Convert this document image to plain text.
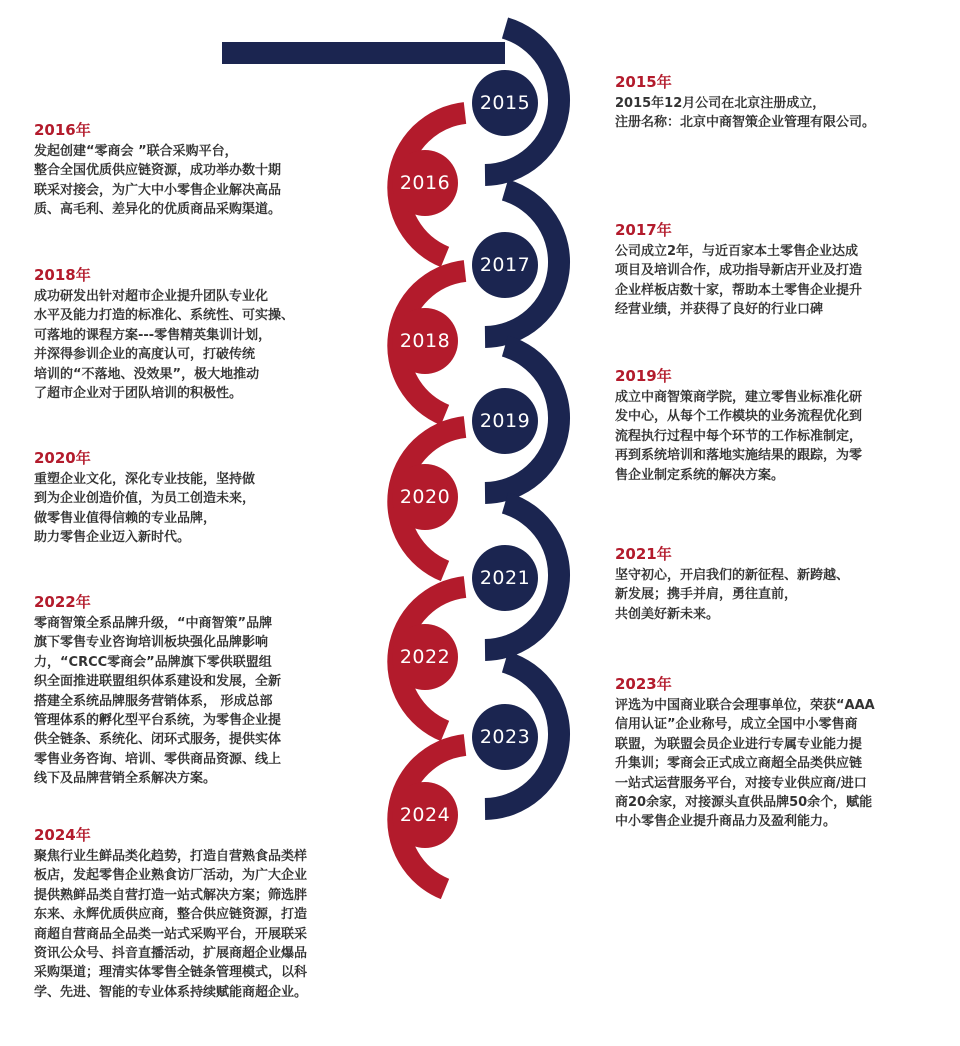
2015
2016
2017
2018
2019
2020
2021
2022
2023
2024
2015年
2015年12月公司在北京注册成立，
注册名称：北京中商智策企业管理有限公司。
2016年
发起创建“零商会 ”联合采购平台，
整合全国优质供应链资源，成功举办数十期
联采对接会，为广大中小零售企业解决高品
质、高毛利、差异化的优质商品采购渠道。
2017年
公司成立2年，与近百家本土零售企业达成
项目及培训合作，成功指导新店开业及打造
企业样板店数十家，帮助本土零售企业提升
经营业绩，并获得了良好的行业口碑
2018年
成功研发出针对超市企业提升团队专业化
水平及能力打造的标准化、系统性、可实操、
可落地的课程方案---零售精英集训计划，
并深得参训企业的高度认可，打破传统
培训的“不落地、没效果”，极大地推动
了超市企业对于团队培训的积极性。
2019年
成立中商智策商学院，建立零售业标准化研
发中心，从每个工作模块的业务流程优化到
流程执行过程中每个环节的工作标准制定，
再到系统培训和落地实施结果的跟踪，为零
售企业制定系统的解决方案。
2020年
重塑企业文化，深化专业技能，坚持做
到为企业创造价值，为员工创造未来，
做零售业值得信赖的专业品牌，
助力零售企业迈入新时代。
2021年
坚守初心，开启我们的新征程、新跨越、
新发展；携手并肩，勇往直前，
共创美好新未来。
2022年
零商智策全系品牌升级，“中商智策”品牌
旗下零售专业咨询培训板块强化品牌影响
力，“CRCC零商会”品牌旗下零供联盟组
织全面推进联盟组织体系建设和发展，全新
搭建全系统品牌服务营销体系， 形成总部
管理体系的孵化型平台系统，为零售企业提
供全链条、系统化、闭环式服务，提供实体
零售业务咨询、培训、零供商品资源、线上
线下及品牌营销全系解决方案。
2023年
评选为中国商业联合会理事单位，荣获“AAA
信用认证”企业称号，成立全国中小零售商
联盟，为联盟会员企业进行专属专业能力提
升集训；零商会正式成立商超全品类供应链
一站式运营服务平台，对接专业供应商/进口
商20余家，对接源头直供品牌50余个，赋能
中小零售企业提升商品力及盈利能力。
2024年
聚焦行业生鲜品类化趋势，打造自营熟食品类样
板店，发起零售企业熟食访厂活动，为广大企业
提供熟鲜品类自营打造一站式解决方案；筛选胖
东来、永辉优质供应商，整合供应链资源，打造
商超自营商品全品类一站式采购平台，开展联采
资讯公众号、抖音直播活动，扩展商超企业爆品
采购渠道；理清实体零售全链条管理模式，以科
学、先进、智能的专业体系持续赋能商超企业。
